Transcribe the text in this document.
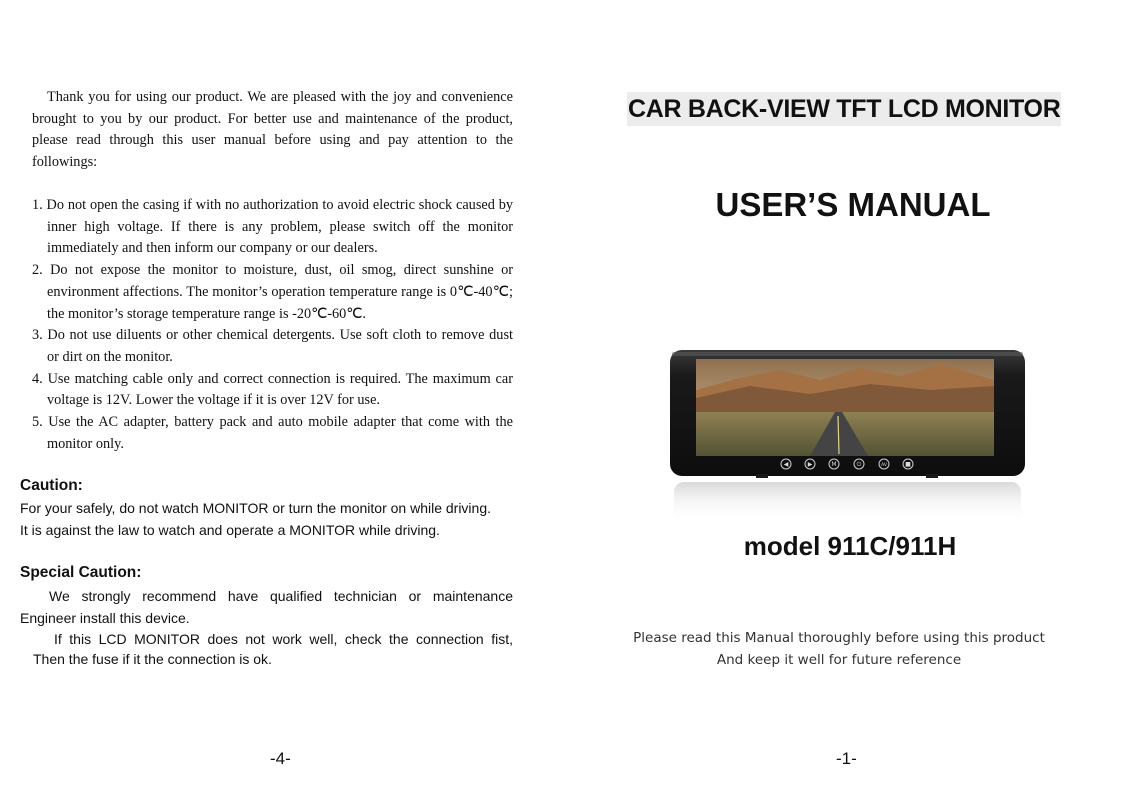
Thank you for using our product. We are pleased with the joy and convenience brought to you by our product. For better use and maintenance of the product, please read through this user manual before using and pay attention to the followings:

1. Do not open the casing if with no authorization to avoid electric shock caused by inner high voltage. If there is any problem, please switch off the monitor immediately and then inform our company or our dealers.
2. Do not expose the monitor to moisture, dust, oil smog, direct sunshine or environment affections. The monitor’s operation temperature range is 0℃-40℃; the monitor’s storage temperature range is -20℃-60℃.
3. Do not use diluents or other chemical detergents. Use soft cloth to remove dust or dirt on the monitor.
4. Use matching cable only and correct connection is required. The maximum car voltage is 12V. Lower the voltage if it is over 12V for use.
5. Use the AC adapter, battery pack and auto mobile adapter that come with the monitor only.
Caution:

For your safely, do not watch MONITOR or turn the monitor on while driving.

It is against the law to watch and operate a MONITOR while driving.

Special Caution:

We strongly recommend have qualified technician or maintenance Engineer install this device.

If this LCD MONITOR does not work well, check the connection fist,

Then the fuse if it the connection is ok.

-4-

CAR BACK-VIEW TFT LCD MONITOR
USER’S MANUAL
◀	▶	M	⏻	AV	■
model 911C/911H

Please read this Manual thoroughly before using this product

And keep it well for future reference

-1-
